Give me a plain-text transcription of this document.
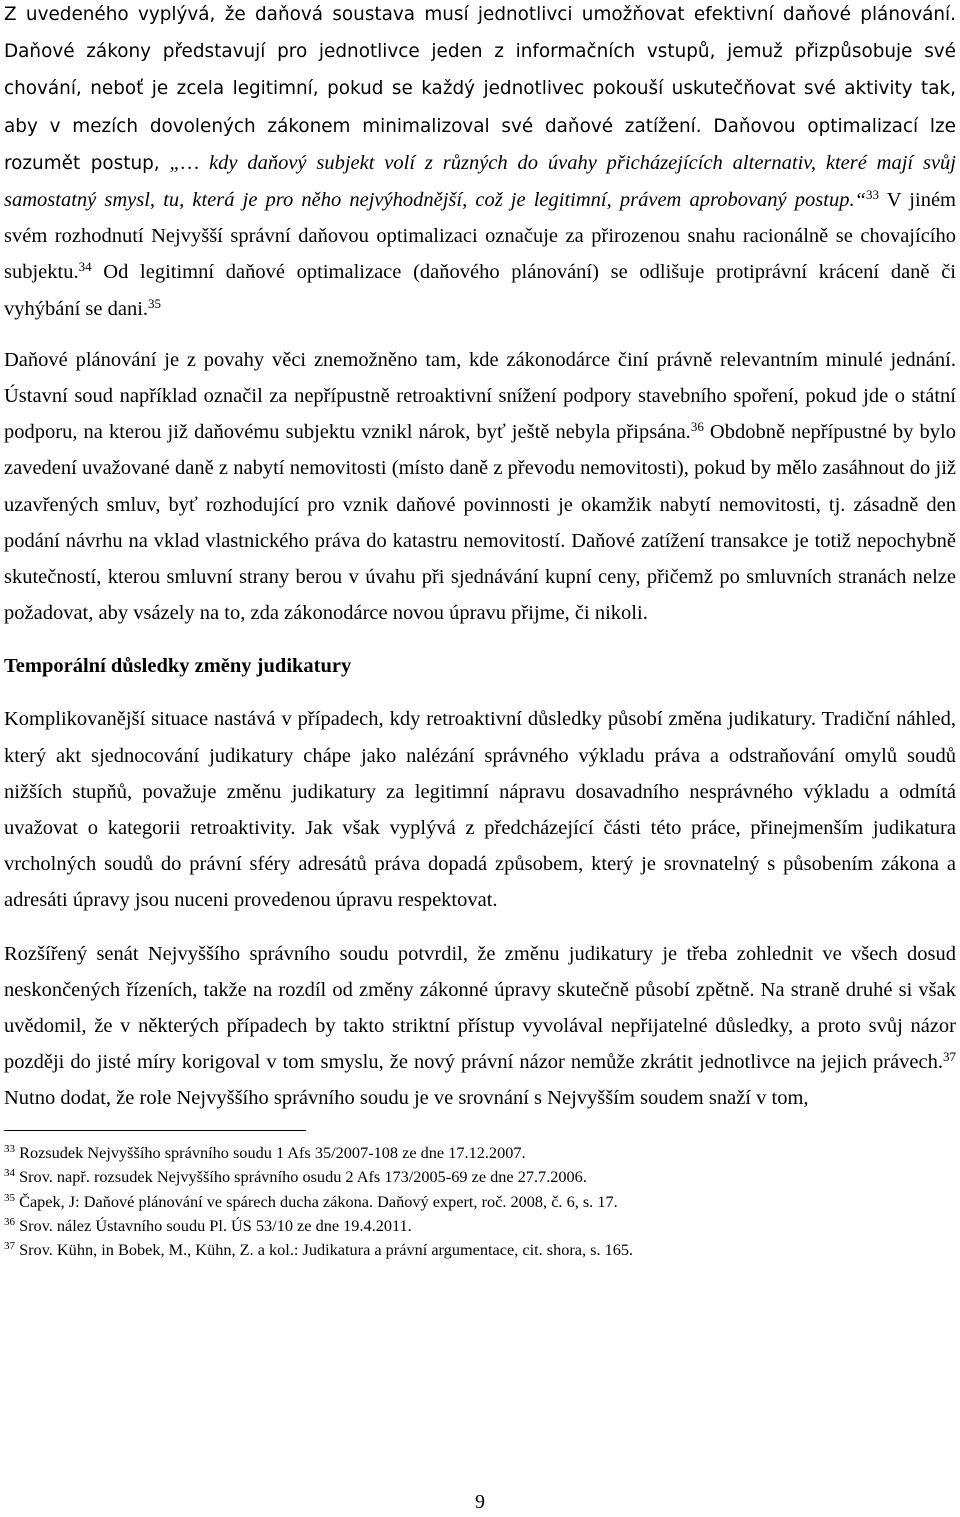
Z uvedeného vyplývá, že daňová soustava musí jednotlivci umožňovat efektivní daňové plánování. Daňové zákony představují pro jednotlivce jeden z informačních vstupů, jemuž přizpůsobuje své chování, neboť je zcela legitimní, pokud se každý jednotlivec pokouší uskutečňovat své aktivity tak, aby v mezích dovolených zákonem minimalizoval své daňové zatížení. Daňovou optimalizací lze rozumět postup, „… kdy daňový subjekt volí z různých do úvahy přicházejících alternativ, které mají svůj samostatný smysl, tu, která je pro něho nejvýhodnější, což je legitimní, právem aprobovaný postup.“$^{33}$ V jiném svém rozhodnutí Nejvyšší správní daňovou optimalizaci označuje za přirozenou snahu racionálně se chovajícího subjektu.$^{34}$ Od legitimní daňové optimalizace (daňového plánování) se odlišuje protiprávní krácení daně či vyhýbání se dani.$^{35}$

Daňové plánování je z povahy věci znemožněno tam, kde zákonodárce činí právně relevantním minulé jednání. Ústavní soud například označil za nepřípustně retroaktivní snížení podpory stavebního spoření, pokud jde o státní podporu, na kterou již daňovému subjektu vznikl nárok, byť ještě nebyla připsána.$^{36}$ Obdobně nepřípustné by bylo zavedení uvažované daně z nabytí nemovitosti (místo daně z převodu nemovitosti), pokud by mělo zasáhnout do již uzavřených smluv, byť rozhodující pro vznik daňové povinnosti je okamžik nabytí nemovitosti, tj. zásadně den podání návrhu na vklad vlastnického práva do katastru nemovitostí. Daňové zatížení transakce je totiž nepochybně skutečností, kterou smluvní strany berou v úvahu při sjednávání kupní ceny, přičemž po smluvních stranách nelze požadovat, aby vsázely na to, zda zákonodárce novou úpravu přijme, či nikoli.

Temporální důsledky změny judikatury

Komplikovanější situace nastává v případech, kdy retroaktivní důsledky působí změna judikatury. Tradiční náhled, který akt sjednocování judikatury chápe jako nalézání správného výkladu práva a odstraňování omylů soudů nižších stupňů, považuje změnu judikatury za legitimní nápravu dosavadního nesprávného výkladu a odmítá uvažovat o kategorii retroaktivity. Jak však vyplývá z předcházející části této práce, přinejmenším judikatura vrcholných soudů do právní sféry adresátů práva dopadá způsobem, který je srovnatelný s působením zákona a adresáti úpravy jsou nuceni provedenou úpravu respektovat.

Rozšířený senát Nejvyššího správního soudu potvrdil, že změnu judikatury je třeba zohlednit ve všech dosud neskončených řízeních, takže na rozdíl od změny zákonné úpravy skutečně působí zpětně. Na straně druhé si však uvědomil, že v některých případech by takto striktní přístup vyvolával nepřijatelné důsledky, a proto svůj názor později do jisté míry korigoval v tom smyslu, že nový právní názor nemůže zkrátit jednotlivce na jejich právech.$^{37}$ Nutno dodat, že role Nejvyššího správního soudu je ve srovnání s Nejvyšším soudem snaží v tom,

$^{33}$ Rozsudek Nejvyššího správního soudu 1 Afs 35/2007-108 ze dne 17.12.2007.
$^{34}$ Srov. např. rozsudek Nejvyššího správního osudu 2 Afs 173/2005-69 ze dne 27.7.2006.
$^{35}$ Čapek, J: Daňové plánování ve spárech ducha zákona. Daňový expert, roč. 2008, č. 6, s. 17.
$^{36}$ Srov. nález Ústavního soudu Pl. ÚS 53/10 ze dne 19.4.2011.
$^{37}$ Srov. Kühn, in Bobek, M., Kühn, Z. a kol.: Judikatura a právní argumentace, cit. shora, s. 165.
9
